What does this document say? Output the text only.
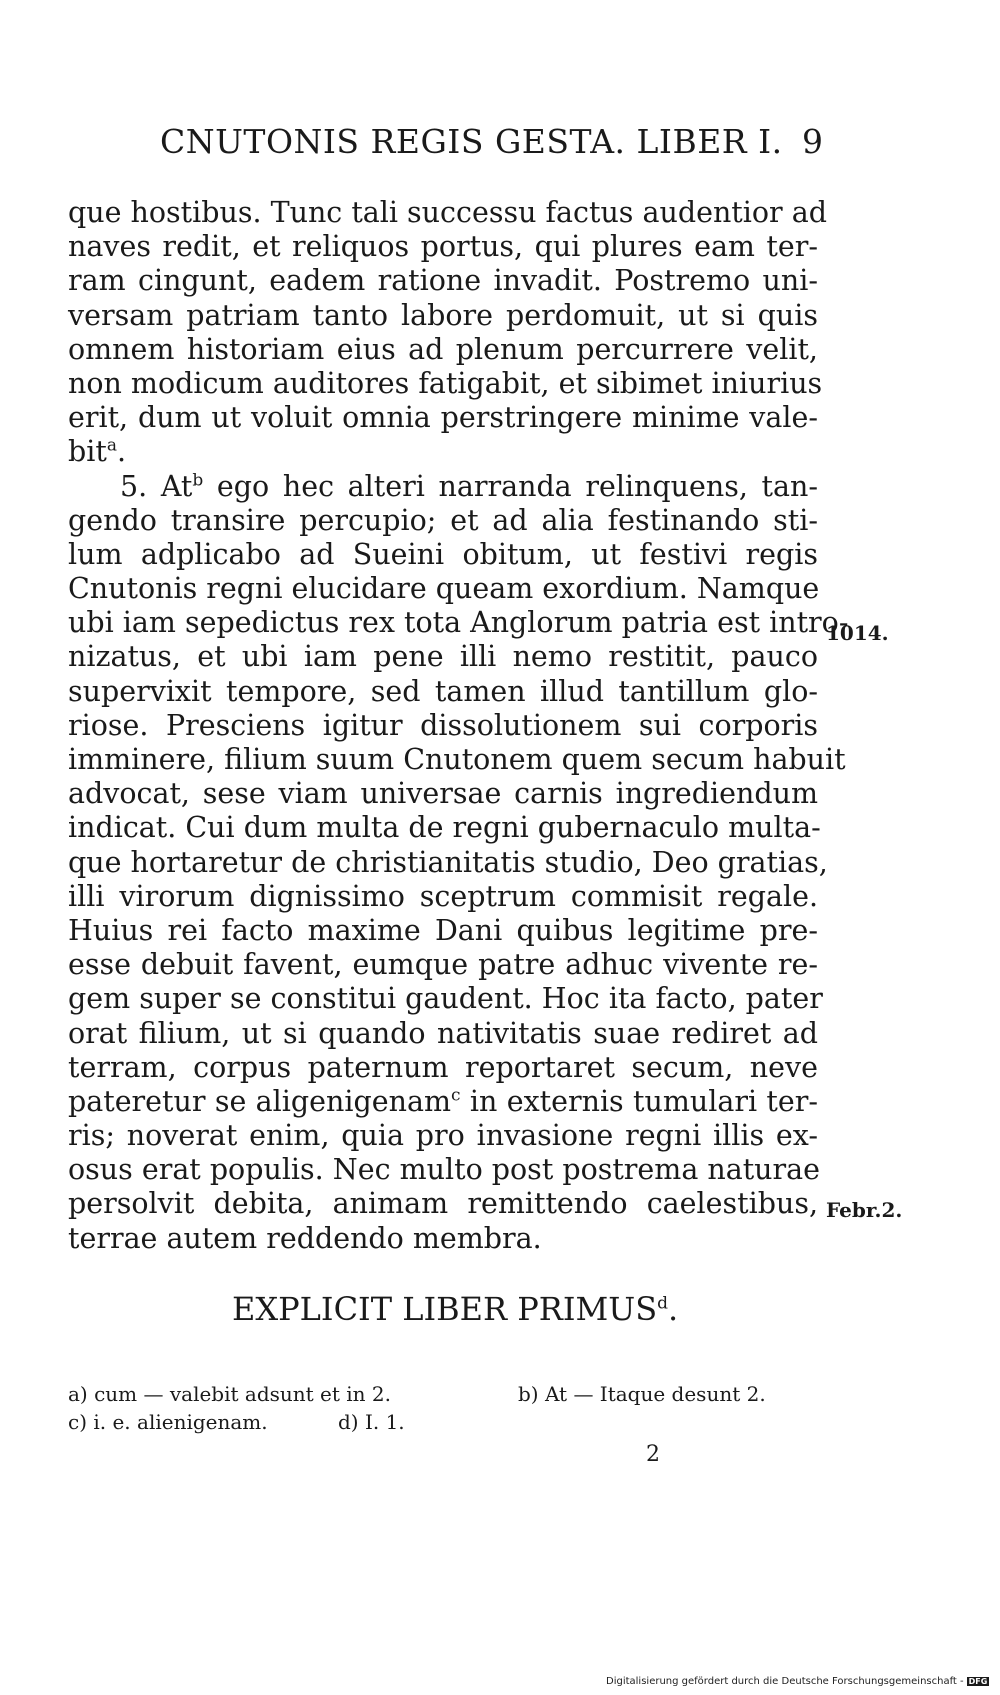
CNUTONIS REGIS GESTA. LIBER I. 9
que hostibus. Tunc tali successu factus audentior ad
naves redit, et reliquos portus, qui plures eam ter-
ram cingunt, eadem ratione invadit. Postremo uni-
versam patriam tanto labore perdomuit, ut si quis
omnem historiam eius ad plenum percurrere velit,
non modicum auditores fatigabit, et sibimet iniurius
erit, dum ut voluit omnia perstringere minime vale-
bit$^a$.
5. At$^b$ ego hec alteri narranda relinquens, tan-
gendo transire percupio; et ad alia festinando sti-
lum adplicabo ad Sueini obitum, ut festivi regis
Cnutonis regni elucidare queam exordium. Namque
ubi iam sepedictus rex tota Anglorum patria est intro-
nizatus, et ubi iam pene illi nemo restitit, pauco
supervixit tempore, sed tamen illud tantillum glo-
riose. Presciens igitur dissolutionem sui corporis
imminere, filium suum Cnutonem quem secum habuit
advocat, sese viam universae carnis ingrediendum
indicat. Cui dum multa de regni gubernaculo multa-
que hortaretur de christianitatis studio, Deo gratias,
illi virorum dignissimo sceptrum commisit regale.
Huius rei facto maxime Dani quibus legitime pre-
esse debuit favent, eumque patre adhuc vivente re-
gem super se constitui gaudent. Hoc ita facto, pater
orat filium, ut si quando nativitatis suae rediret ad
terram, corpus paternum reportaret secum, neve
pateretur se aligenigenam$^c$ in externis tumulari ter-
ris; noverat enim, quia pro invasione regni illis ex-
osus erat populis. Nec multo post postrema naturae
persolvit debita, animam remittendo caelestibus,
terrae autem reddendo membra.
1014.
Febr.2.
EXPLICIT LIBER PRIMUS$^d$.
a) cum — valebit adsunt et in 2.	b) At — Itaque desunt 2.
c) i. e. alienigenam.	d) I. 1.
2
Digitalisierung gefördert durch die Deutsche Forschungsgemeinschaft - DFG
